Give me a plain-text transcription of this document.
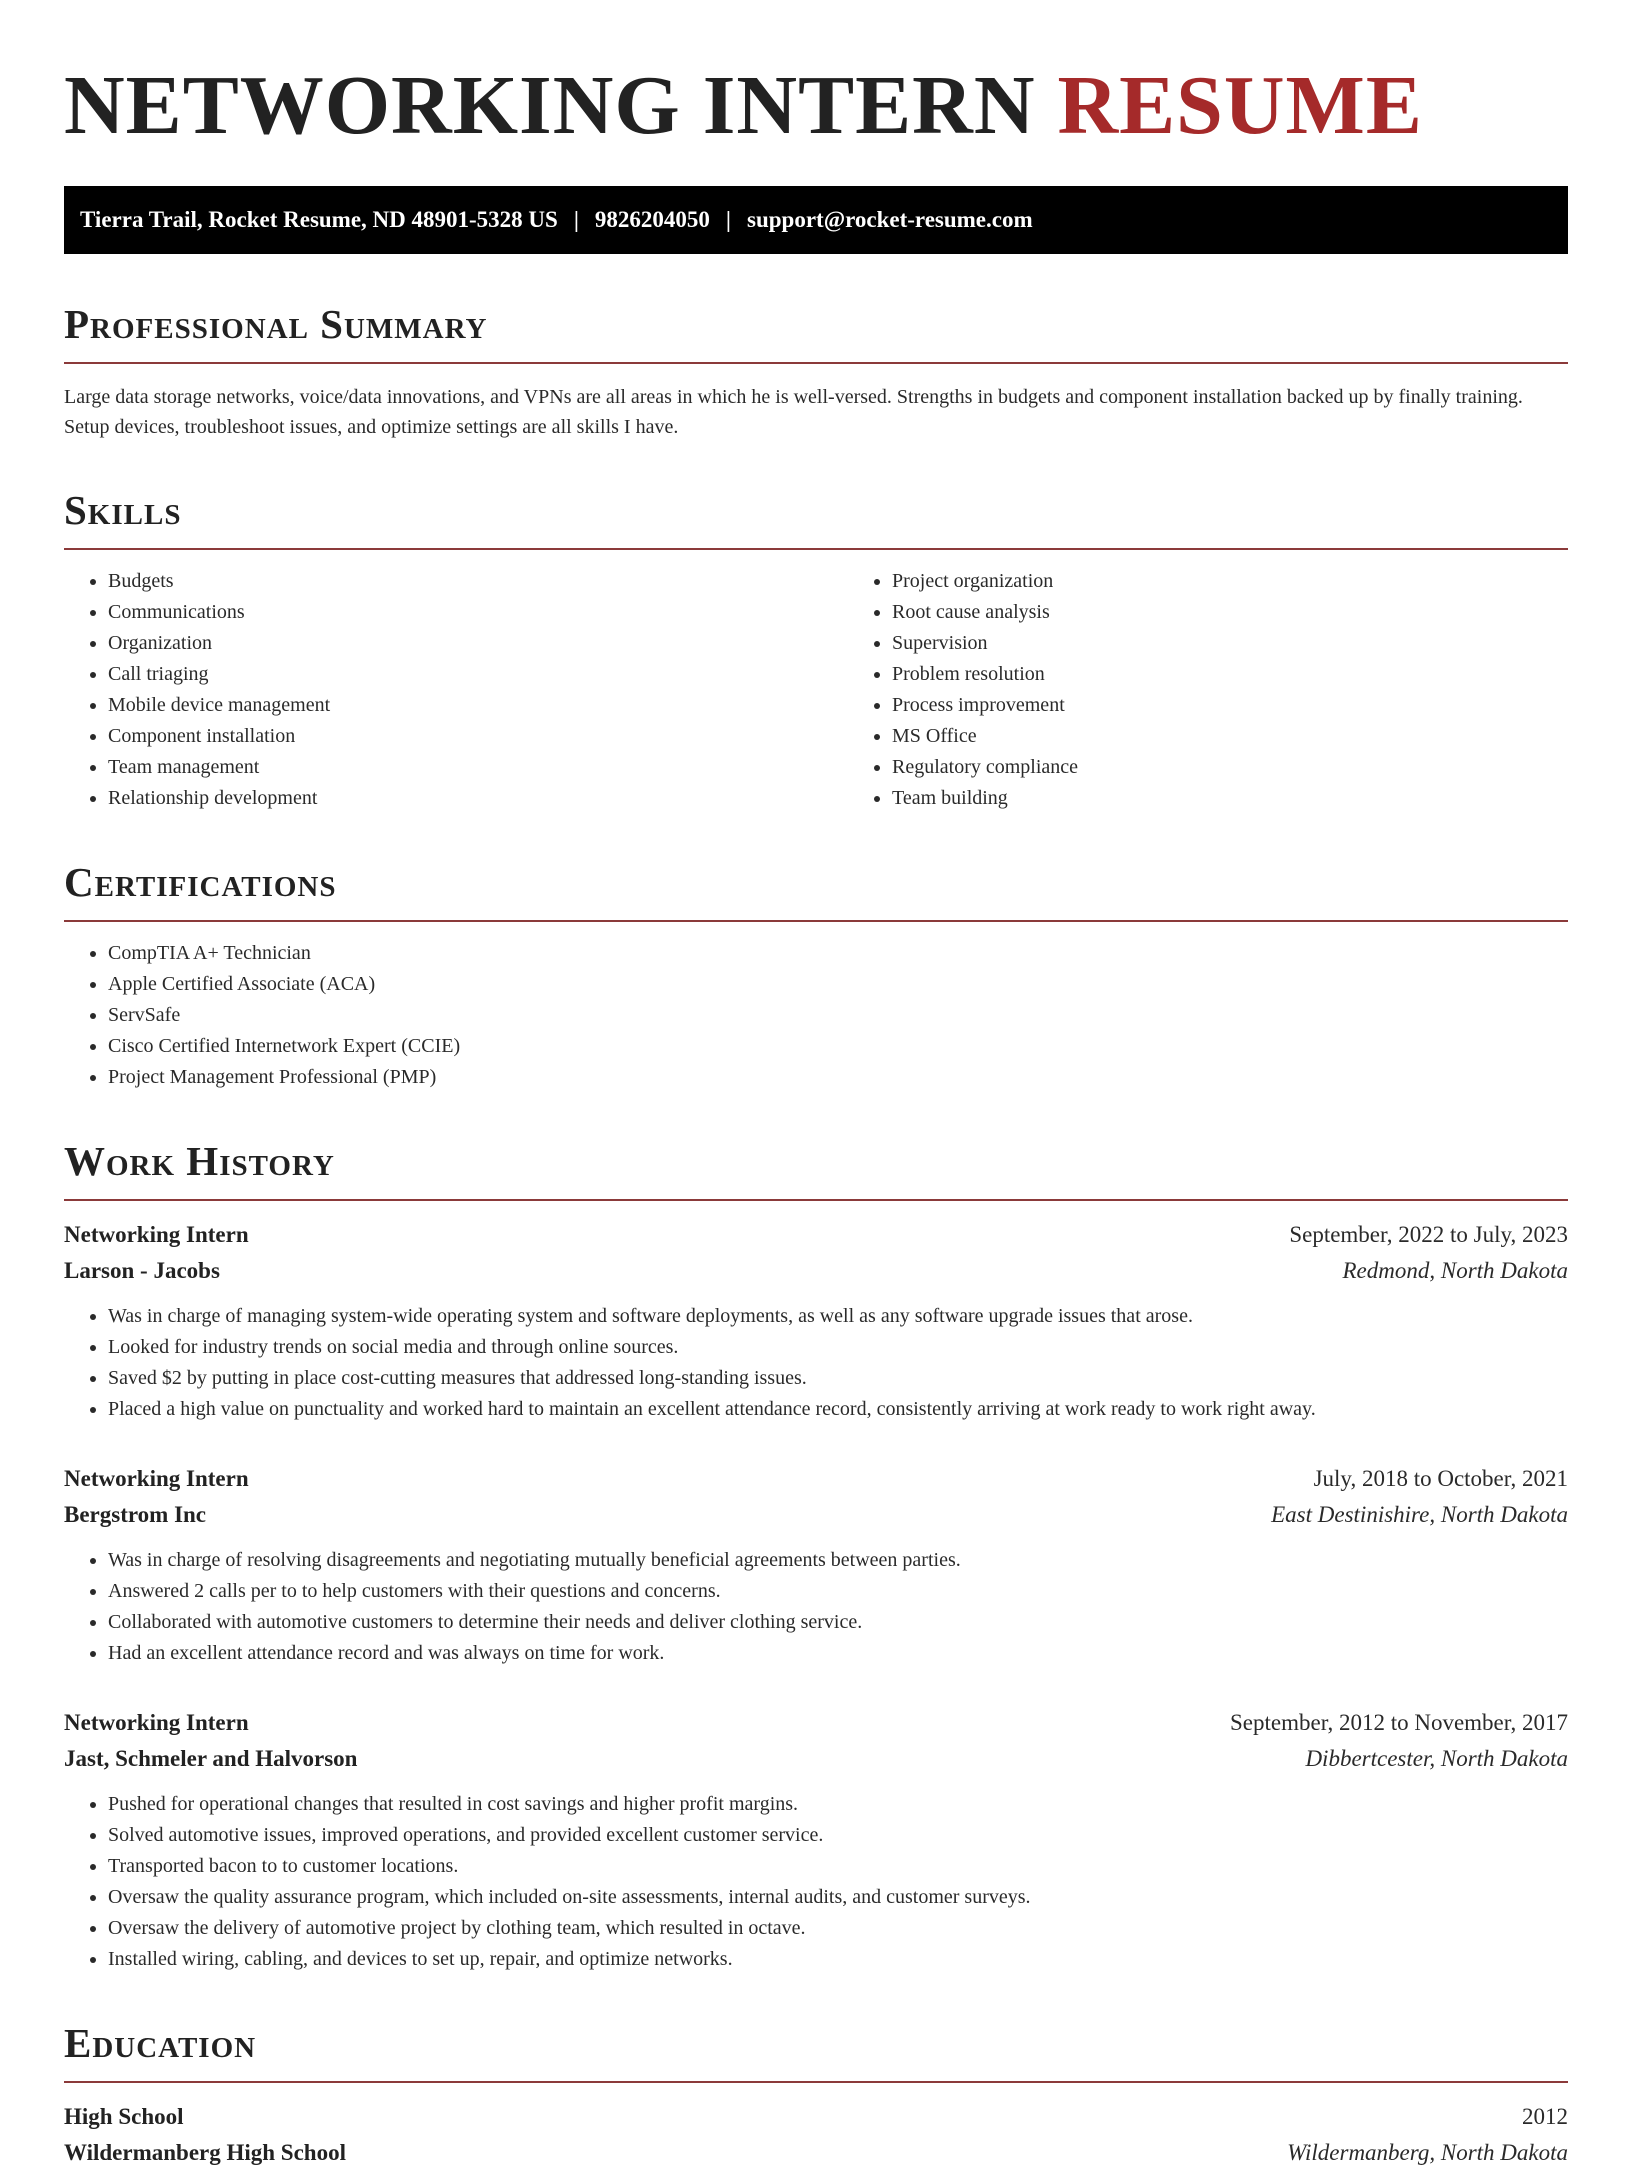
NETWORKING INTERN RESUME
Tierra Trail, Rocket Resume, ND 48901-5328 US | 9826204050 | support@rocket-resume.com
Professional Summary

Large data storage networks, voice/data innovations, and VPNs are all areas in which he is well-versed. Strengths in budgets and component installation backed up by finally training. Setup devices, troubleshoot issues, and optimize settings are all skills I have.

Skills
• Budgets
• Communications
• Organization
• Call triaging
• Mobile device management
• Component installation
• Team management
• Relationship development
• Project organization
• Root cause analysis
• Supervision
• Problem resolution
• Process improvement
• MS Office
• Regulatory compliance
• Team building
Certifications
• CompTIA A+ Technician
• Apple Certified Associate (ACA)
• ServSafe
• Cisco Certified Internetwork Expert (CCIE)
• Project Management Professional (PMP)
Work History
Networking Intern	September, 2022 to July, 2023
Larson - Jacobs	Redmond, North Dakota
• Was in charge of managing system-wide operating system and software deployments, as well as any software upgrade issues that arose.
• Looked for industry trends on social media and through online sources.
• Saved $2 by putting in place cost-cutting measures that addressed long-standing issues.
• Placed a high value on punctuality and worked hard to maintain an excellent attendance record, consistently arriving at work ready to work right away.
Networking Intern	July, 2018 to October, 2021
Bergstrom Inc	East Destinishire, North Dakota
• Was in charge of resolving disagreements and negotiating mutually beneficial agreements between parties.
• Answered 2 calls per to to help customers with their questions and concerns.
• Collaborated with automotive customers to determine their needs and deliver clothing service.
• Had an excellent attendance record and was always on time for work.
Networking Intern	September, 2012 to November, 2017
Jast, Schmeler and Halvorson	Dibbertcester, North Dakota
• Pushed for operational changes that resulted in cost savings and higher profit margins.
• Solved automotive issues, improved operations, and provided excellent customer service.
• Transported bacon to to customer locations.
• Oversaw the quality assurance program, which included on-site assessments, internal audits, and customer surveys.
• Oversaw the delivery of automotive project by clothing team, which resulted in octave.
• Installed wiring, cabling, and devices to set up, repair, and optimize networks.
Education
High School	2012
Wildermanberg High School	Wildermanberg, North Dakota
